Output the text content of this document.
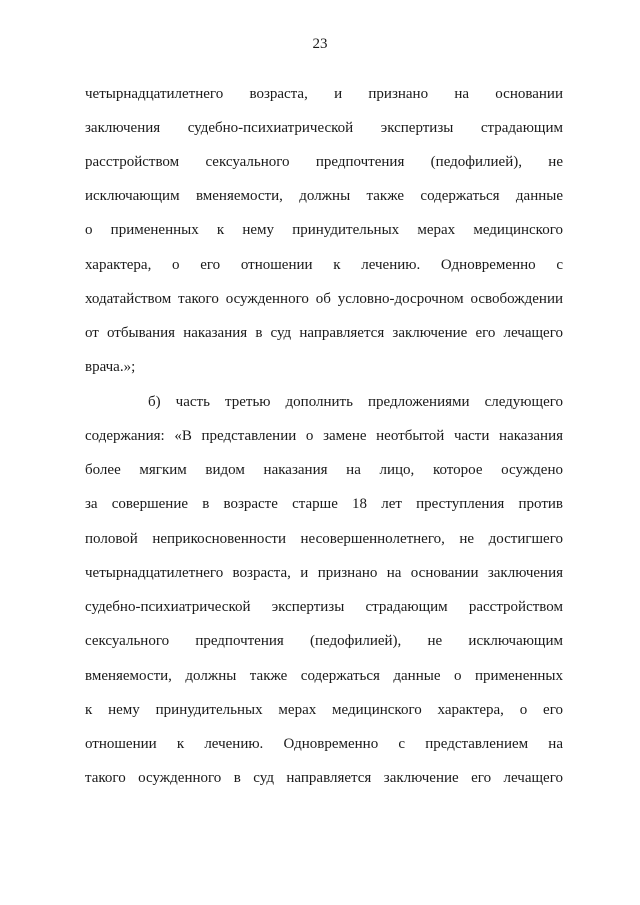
23
четырнадцатилетнего возраста, и признано на основании
заключения судебно-психиатрической экспертизы страдающим
расстройством сексуального предпочтения (педофилией), не
исключающим вменяемости, должны также содержаться данные
о примененных к нему принудительных мерах медицинского
характера, о его отношении к лечению. Одновременно с
ходатайством такого осужденного об условно-досрочном освобождении
от отбывания наказания в суд направляется заключение его лечащего
врача.»;
б) часть третью дополнить предложениями следующего
содержания: «В представлении о замене неотбытой части наказания
более мягким видом наказания на лицо, которое осуждено
за совершение в возрасте старше 18 лет преступления против
половой неприкосновенности несовершеннолетнего, не достигшего
четырнадцатилетнего возраста, и признано на основании заключения
судебно-психиатрической экспертизы страдающим расстройством
сексуального предпочтения (педофилией), не исключающим
вменяемости, должны также содержаться данные о примененных
к нему принудительных мерах медицинского характера, о его
отношении к лечению. Одновременно с представлением на
такого осужденного в суд направляется заключение его лечащего
